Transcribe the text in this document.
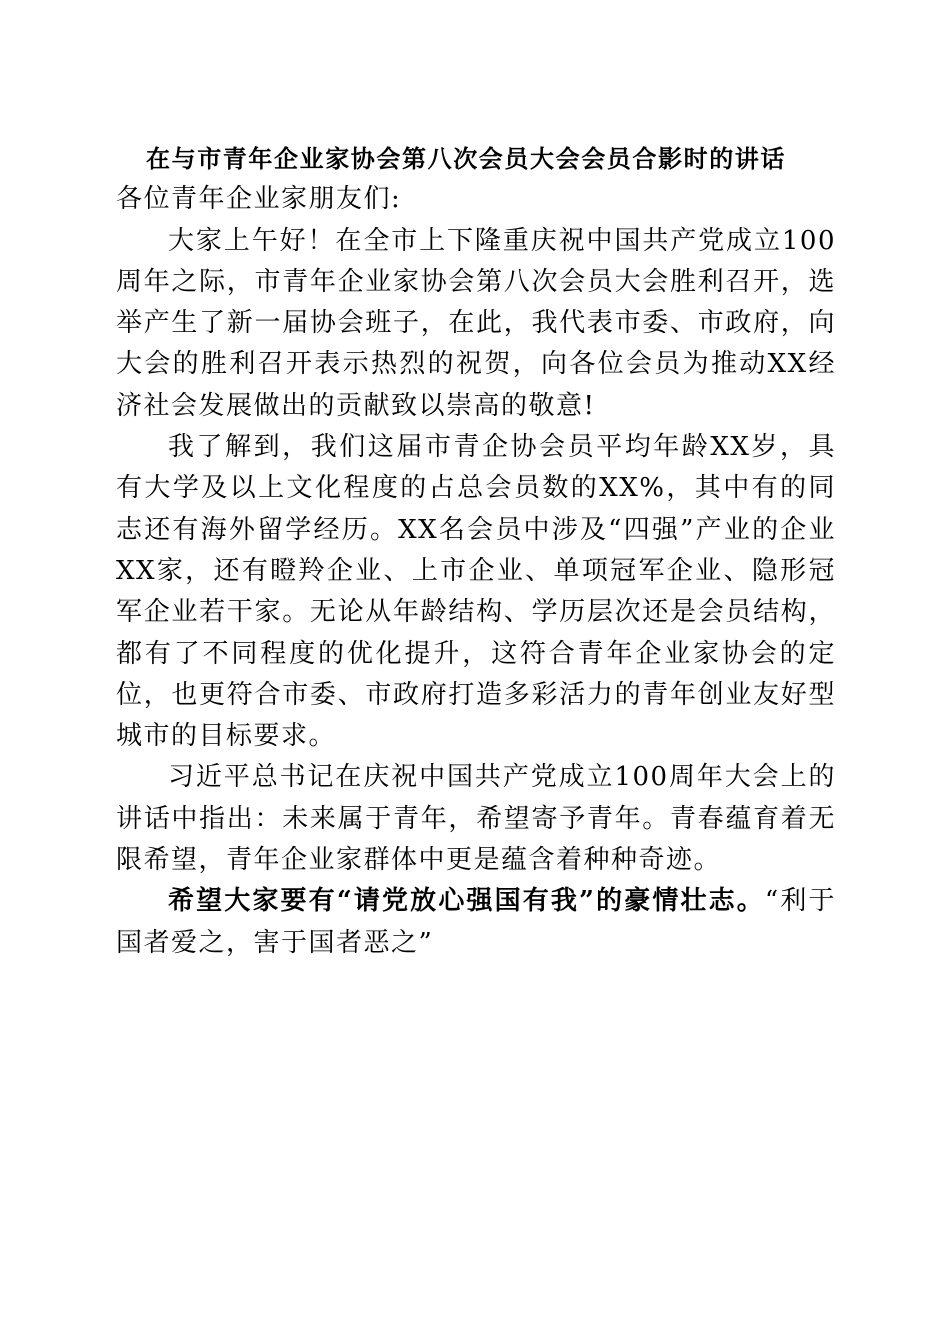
在与市青年企业家协会第八次会员大会会员合影时的讲话
各位青年企业家朋友们:

大家上午好！在全市上下隆重庆祝中国共产党成立100周年之际，市青年企业家协会第八次会员大会胜利召开，选举产生了新一届协会班子，在此，我代表市委、市政府，向大会的胜利召开表示热烈的祝贺，向各位会员为推动XX经济社会发展做出的贡献致以崇高的敬意!

我了解到，我们这届市青企协会员平均年龄XX岁，具有大学及以上文化程度的占总会员数的XX%，其中有的同志还有海外留学经历。XX名会员中涉及“四强”产业的企业XX家，还有瞪羚企业、上市企业、单项冠军企业、隐形冠军企业若干家。无论从年龄结构、学历层次还是会员结构，都有了不同程度的优化提升，这符合青年企业家协会的定位，也更符合市委、市政府打造多彩活力的青年创业友好型城市的目标要求。

习近平总书记在庆祝中国共产党成立100周年大会上的讲话中指出：未来属于青年，希望寄予青年。青春蕴育着无限希望，青年企业家群体中更是蕴含着种种奇迹。

希望大家要有“请党放心强国有我”的豪情壮志。“利于国者爱之，害于国者恶之”
